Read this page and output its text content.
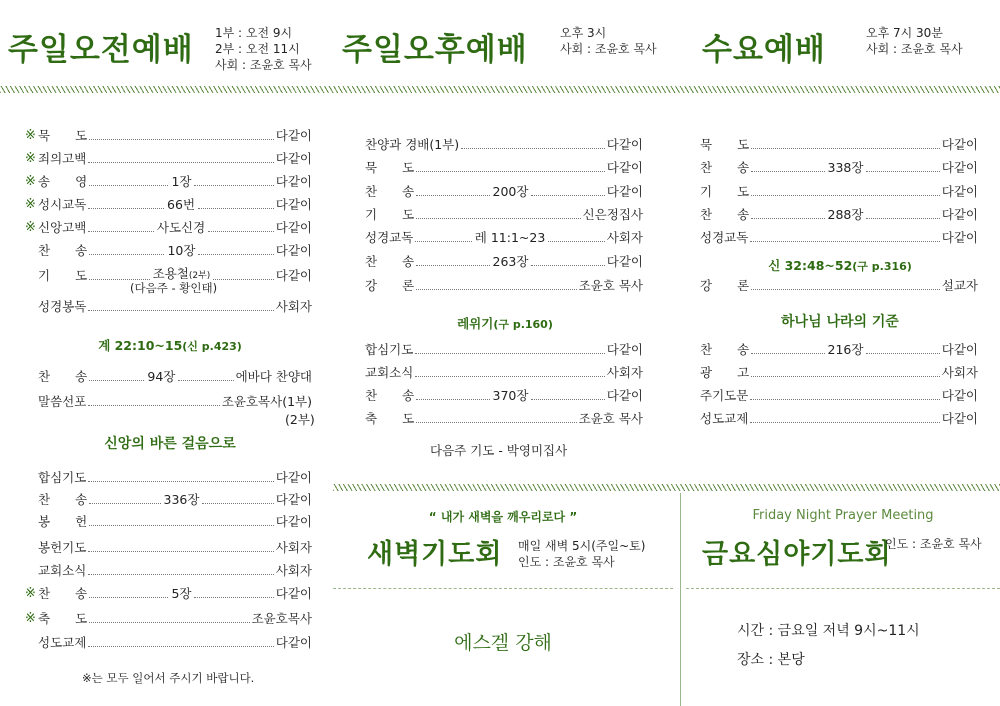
주일오전예배 1부 : 오전 9시
2부 : 오전 11시
사회 : 조윤호 목사 주일오후예배	오후 3시
사회 : 조윤호 목사 수요예배	오후 7시 30분
사회 : 조윤호 목사
※ 묵　　도	다같이
※ 죄의고백	다같이
※ 송　　영	1장	다같이
※ 성시교독	66번	다같이
※ 신앙고백	사도신경	다같이
찬　　송	10장	다같이
기　　도	조용철(2부)	다같이
성경봉독	사회자
(다음주 - 황인태)
계 22:10~15(신 p.423)
찬　　송	94장	에바다 찬양대
말씀선포	조윤호목사(1부)
(2부)
신앙의 바른 걸음으로
합심기도	다같이
찬　　송	336장	다같이
봉　　헌	다같이
봉헌기도	사회자
교회소식	사회자
※ 찬　　송	5장	다같이
※ 축　　도	조윤호목사
성도교제	다같이
※는 모두 일어서 주시기 바랍니다.
찬양과 경배(1부)	다같이
묵　　도	다같이
찬　　송	200장	다같이
기　　도	신은정집사
성경교독	레 11:1~23	사회자
찬　　송	263장	다같이
강　　론	조윤호 목사
레위기(구 p.160)
합심기도	다같이
교회소식	사회자
찬　　송	370장	다같이
축　　도	조윤호 목사
다음주 기도 - 박영미집사
묵　　도	다같이
찬　　송	338장	다같이
기　　도	다같이
찬　　송	288장	다같이
성경교독	다같이
신 32:48~52(구 p.316)
강　　론	설교자
하나님 나라의 기준
찬　　송	216장	다같이
광　　고	사회자
주기도문	다같이
성도교제	다같이
“ 내가 새벽을 깨우리로다 ”
새벽기도회 매일 새벽 5시(주일~토)
인도 : 조윤호 목사
에스겔 강해
Friday Night Prayer Meeting
금요심야기도회
인도 : 조윤호 목사
시간 : 금요일 저녁 9시~11시
장소 : 본당
